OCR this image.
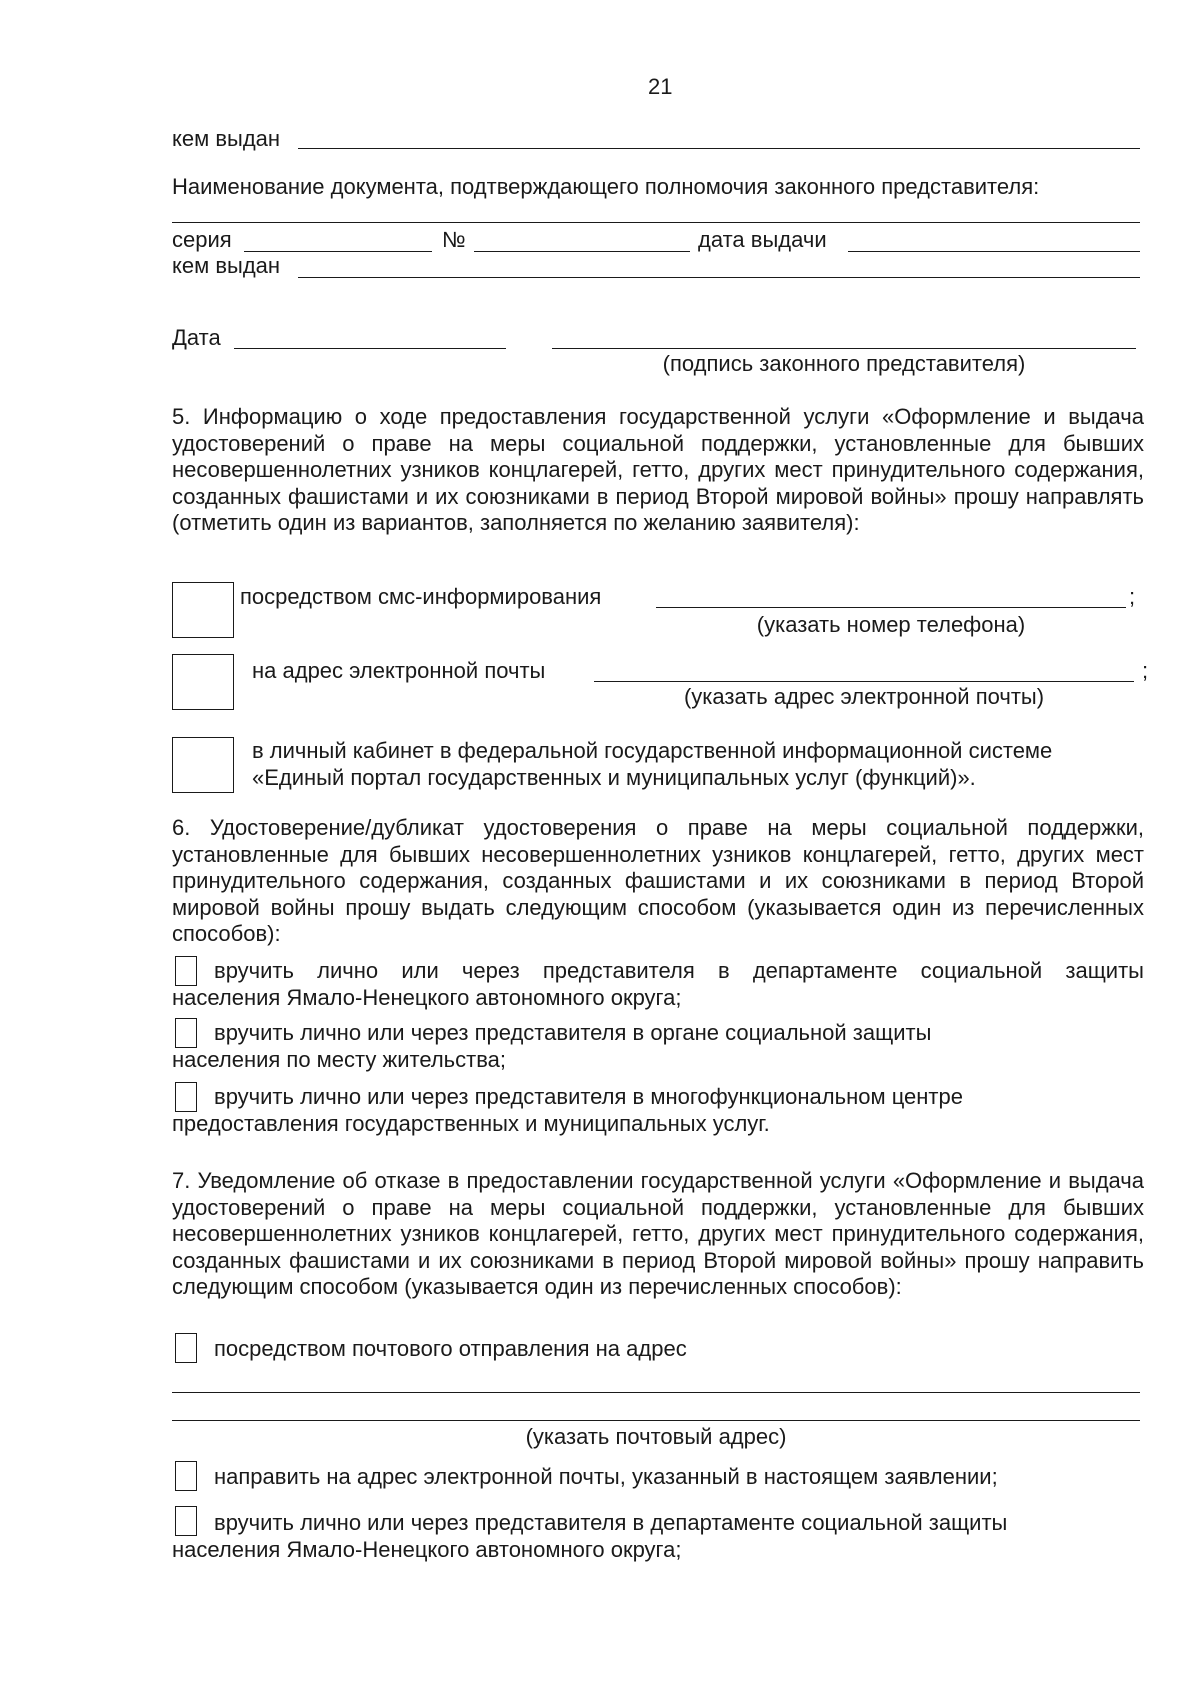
21
кем выдан
Наименование документа, подтверждающего полномочия законного представителя:
серия	№	дата выдачи
кем выдан
Дата
(подпись законного представителя)
5. Информацию о ходе предоставления государственной услуги «Оформление и выдача удостоверений о праве на меры социальной поддержки, установленные для бывших несовершеннолетних узников концлагерей, гетто, других мест принудительного содержания, созданных фашистами и их союзниками в период Второй мировой войны» прошу направлять (отметить один из вариантов, заполняется по желанию заявителя):
посредством смс-информирования	;
(указать номер телефона)
на адрес электронной почты	;
(указать адрес электронной почты)
в личный кабинет в федеральной государственной информационной системе
«Единый портал государственных и муниципальных услуг (функций)».
6. Удостоверение/дубликат удостоверения о праве на меры социальной поддержки, установленные для бывших несовершеннолетних узников концлагерей, гетто, других мест принудительного содержания, созданных фашистами и их союзниками в период Второй мировой войны прошу выдать следующим способом (указывается один из перечисленных способов):
вручить лично или через представителя в департаменте социальной защиты
населения Ямало-Ненецкого автономного округа;
вручить лично или через представителя в органе социальной защиты
населения по месту жительства;
вручить лично или через представителя в многофункциональном центре
предоставления государственных и муниципальных услуг.
7. Уведомление об отказе в предоставлении государственной услуги «Оформление и выдача удостоверений о праве на меры социальной поддержки, установленные для бывших несовершеннолетних узников концлагерей, гетто, других мест принудительного содержания, созданных фашистами и их союзниками в период Второй мировой войны» прошу направить следующим способом (указывается один из перечисленных способов):
посредством почтового отправления на адрес
(указать почтовый адрес)
направить на адрес электронной почты, указанный в настоящем заявлении;
вручить лично или через представителя в департаменте социальной защиты
населения Ямало-Ненецкого автономного округа;
